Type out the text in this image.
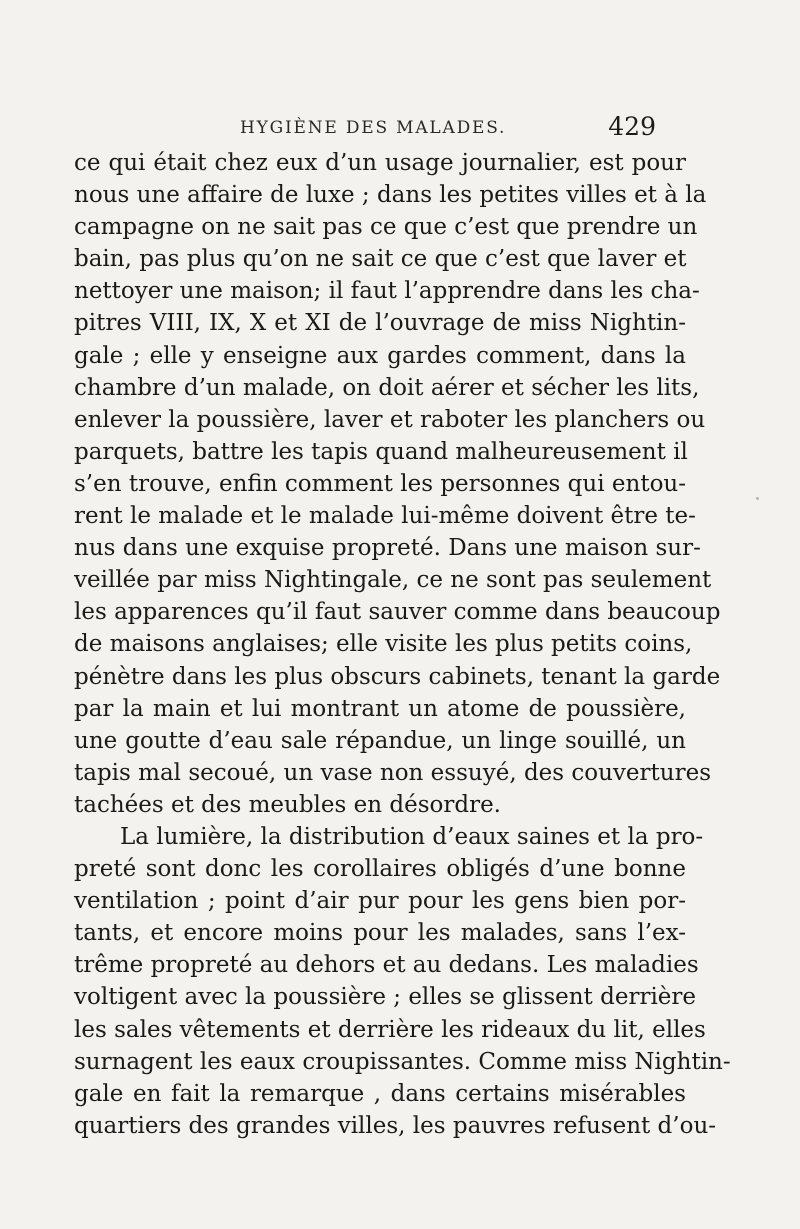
HYGIÈNE DES MALADES.	429
ce qui était chez eux d’un usage journalier, est pour
nous une affaire de luxe ; dans les petites villes et à la
campagne on ne sait pas ce que c’est que prendre un
bain, pas plus qu’on ne sait ce que c’est que laver et
nettoyer une maison; il faut l’apprendre dans les cha-
pitres VIII, IX, X et XI de l’ouvrage de miss Nightin-
gale ; elle y enseigne aux gardes comment, dans la
chambre d’un malade, on doit aérer et sécher les lits,
enlever la poussière, laver et raboter les planchers ou
parquets, battre les tapis quand malheureusement il
s’en trouve, enfin comment les personnes qui entou-
rent le malade et le malade lui-même doivent être te-
nus dans une exquise propreté. Dans une maison sur-
veillée par miss Nightingale, ce ne sont pas seulement
les apparences qu’il faut sauver comme dans beaucoup
de maisons anglaises; elle visite les plus petits coins,
pénètre dans les plus obscurs cabinets, tenant la garde
par la main et lui montrant un atome de poussière,
une goutte d’eau sale répandue, un linge souillé, un
tapis mal secoué, un vase non essuyé, des couvertures
tachées et des meubles en désordre.
La lumière, la distribution d’eaux saines et la pro-
preté sont donc les corollaires obligés d’une bonne
ventilation ; point d’air pur pour les gens bien por-
tants, et encore moins pour les malades, sans l’ex-
trême propreté au dehors et au dedans. Les maladies
voltigent avec la poussière ; elles se glissent derrière
les sales vêtements et derrière les rideaux du lit, elles
surnagent les eaux croupissantes. Comme miss Nightin-
gale en fait la remarque , dans certains misérables
quartiers des grandes villes, les pauvres refusent d’ou-
